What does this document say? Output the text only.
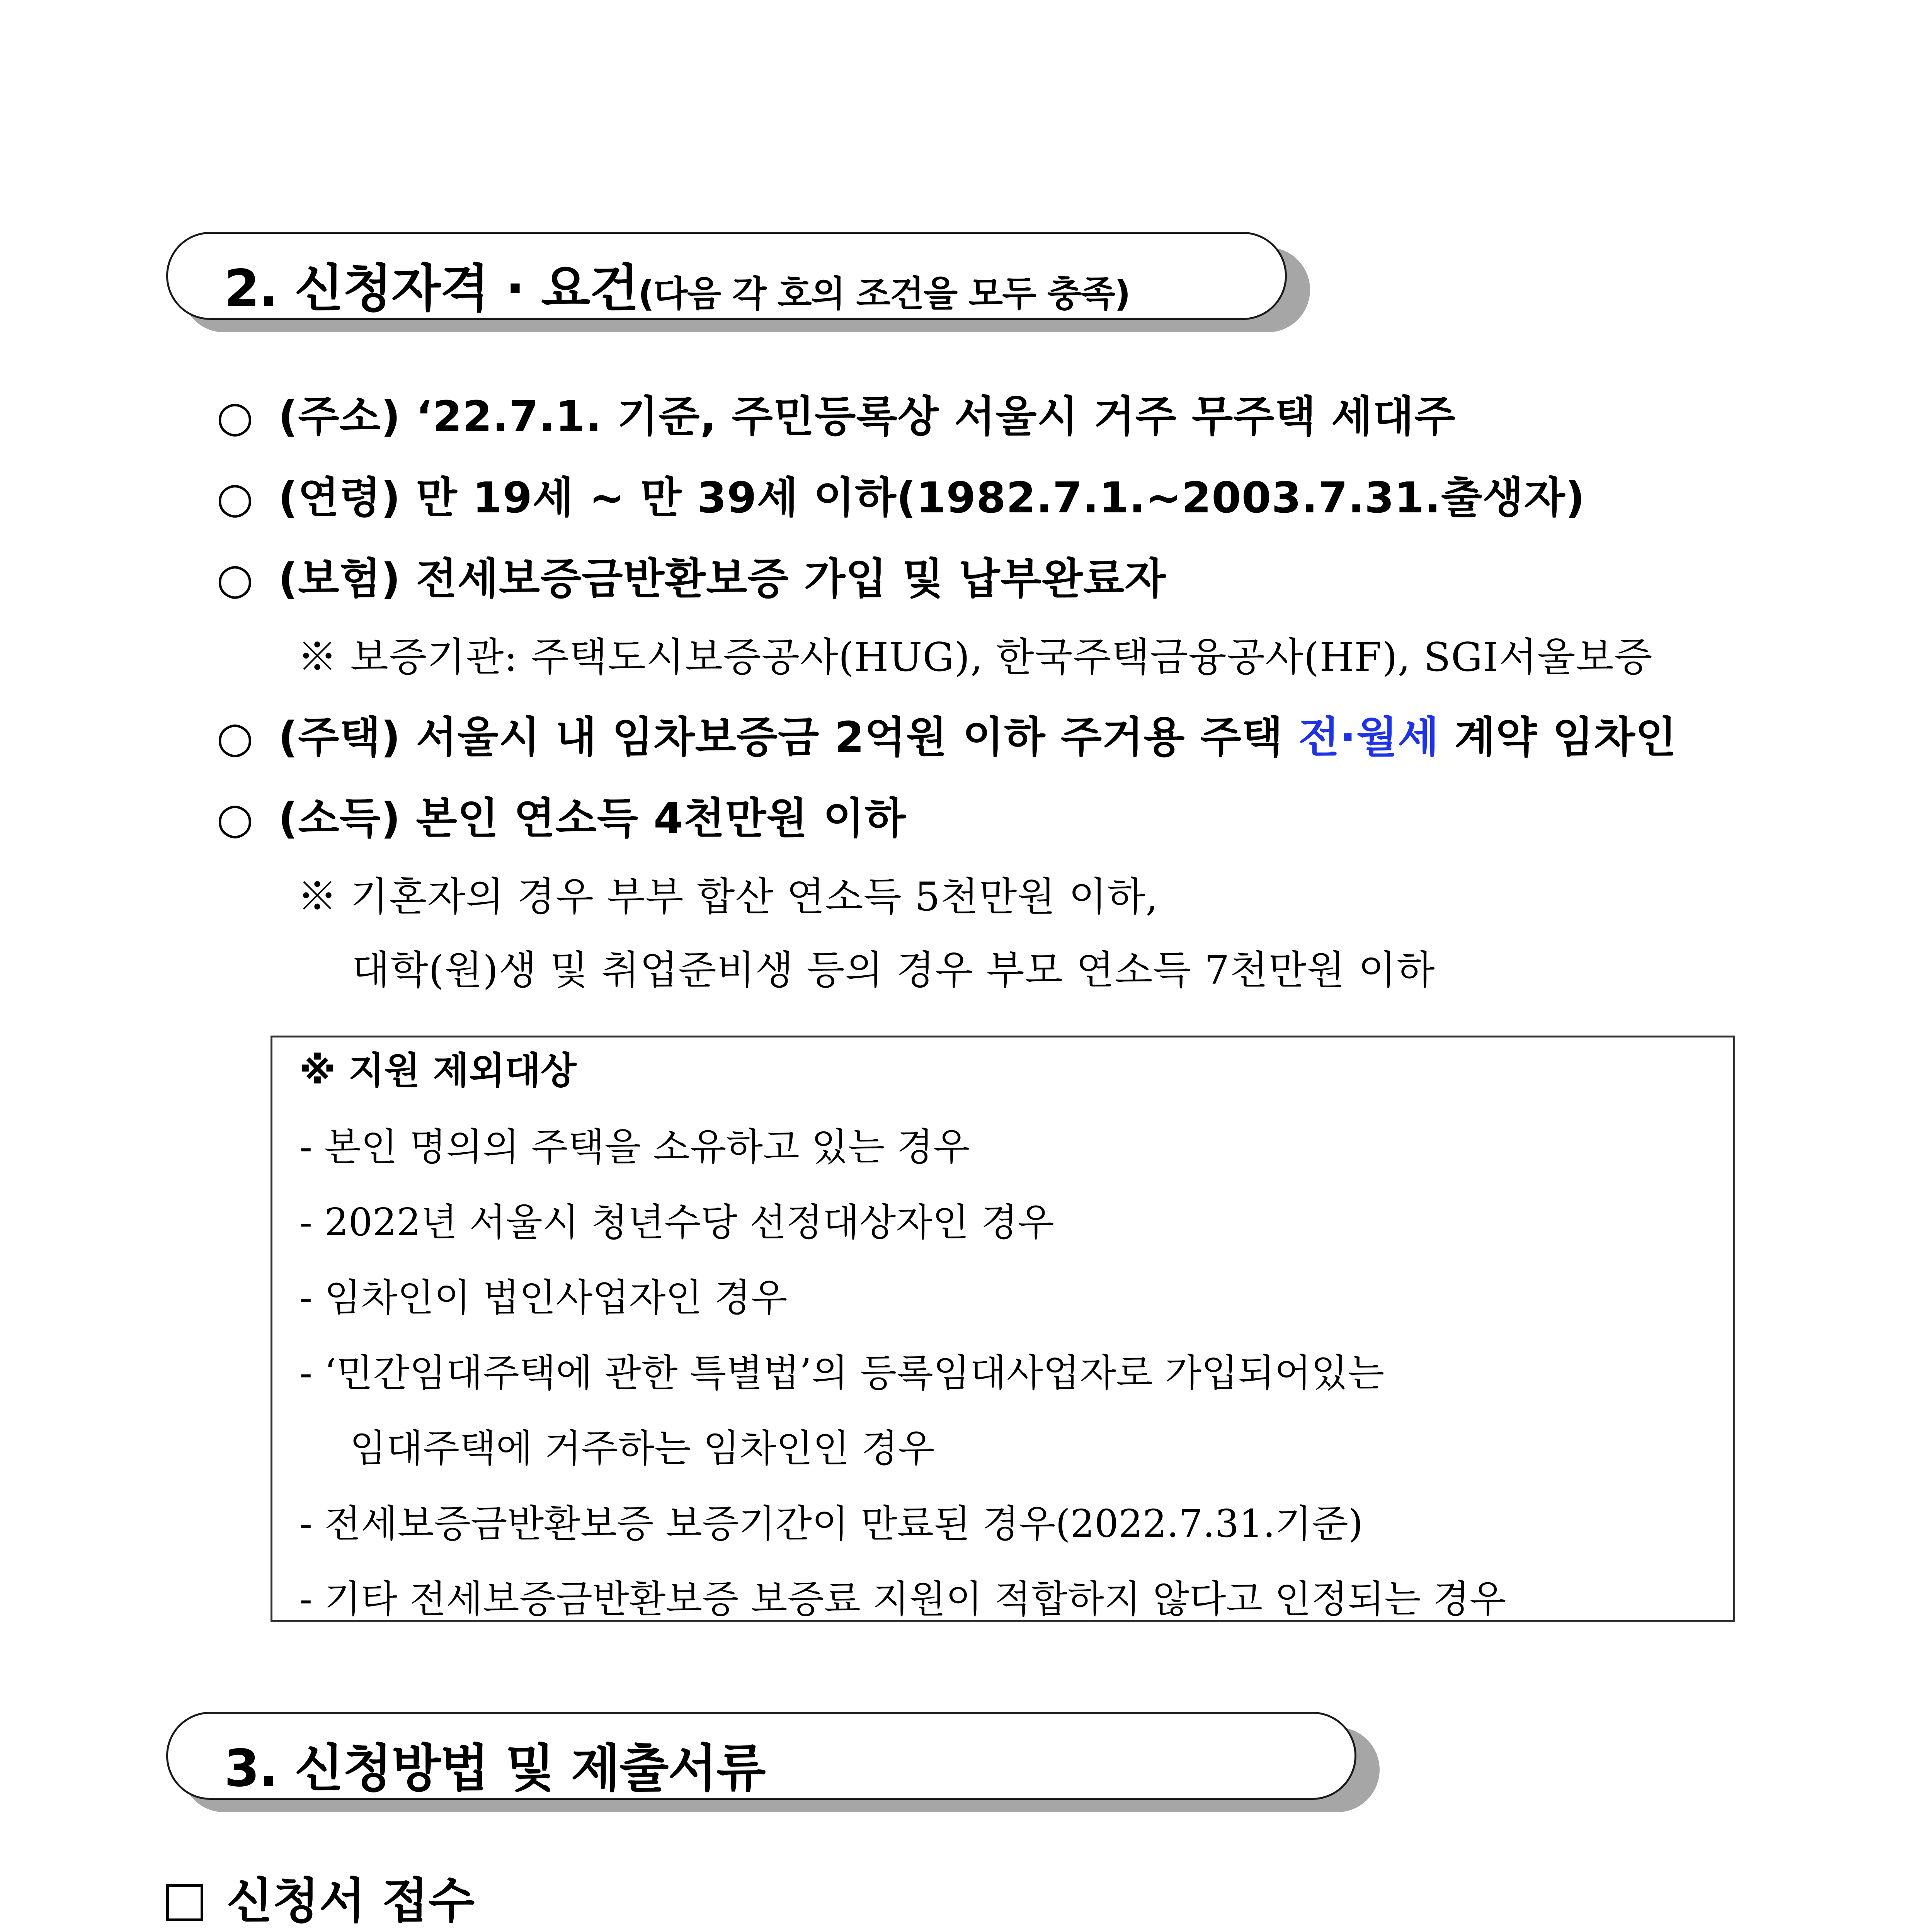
2. 신청자격 · 요건(다음 각 호의 조건을 모두 충족)
○ (주소) ‘22.7.1. 기준, 주민등록상 서울시 거주 무주택 세대주
○ (연령) 만 19세 ~ 만 39세 이하(1982.7.1.~2003.7.31.출생자)
○ (보험) 전세보증금반환보증 가입 및 납부완료자
※ 보증기관: 주택도시보증공사(HUG), 한국주택금융공사(HF), SGI서울보증
○ (주택) 서울시 내 임차보증금 2억원 이하 주거용 주택 전·월세 계약 임차인
○ (소득) 본인 연소득 4천만원 이하
※ 기혼자의 경우 부부 합산 연소득 5천만원 이하,
대학(원)생 및 취업준비생 등의 경우 부모 연소득 7천만원 이하
※ 지원 제외대상
- 본인 명의의 주택을 소유하고 있는 경우
- 2022년 서울시 청년수당 선정대상자인 경우
- 임차인이 법인사업자인 경우
- ‘민간임대주택에 관한 특별법’의 등록임대사업자로 가입되어있는
임대주택에 거주하는 임차인인 경우
- 전세보증금반환보증 보증기간이 만료된 경우(2022.7.31.기준)
- 기타 전세보증금반환보증 보증료 지원이 적합하지 않다고 인정되는 경우
3. 신청방법 및 제출서류
신청서 접수
